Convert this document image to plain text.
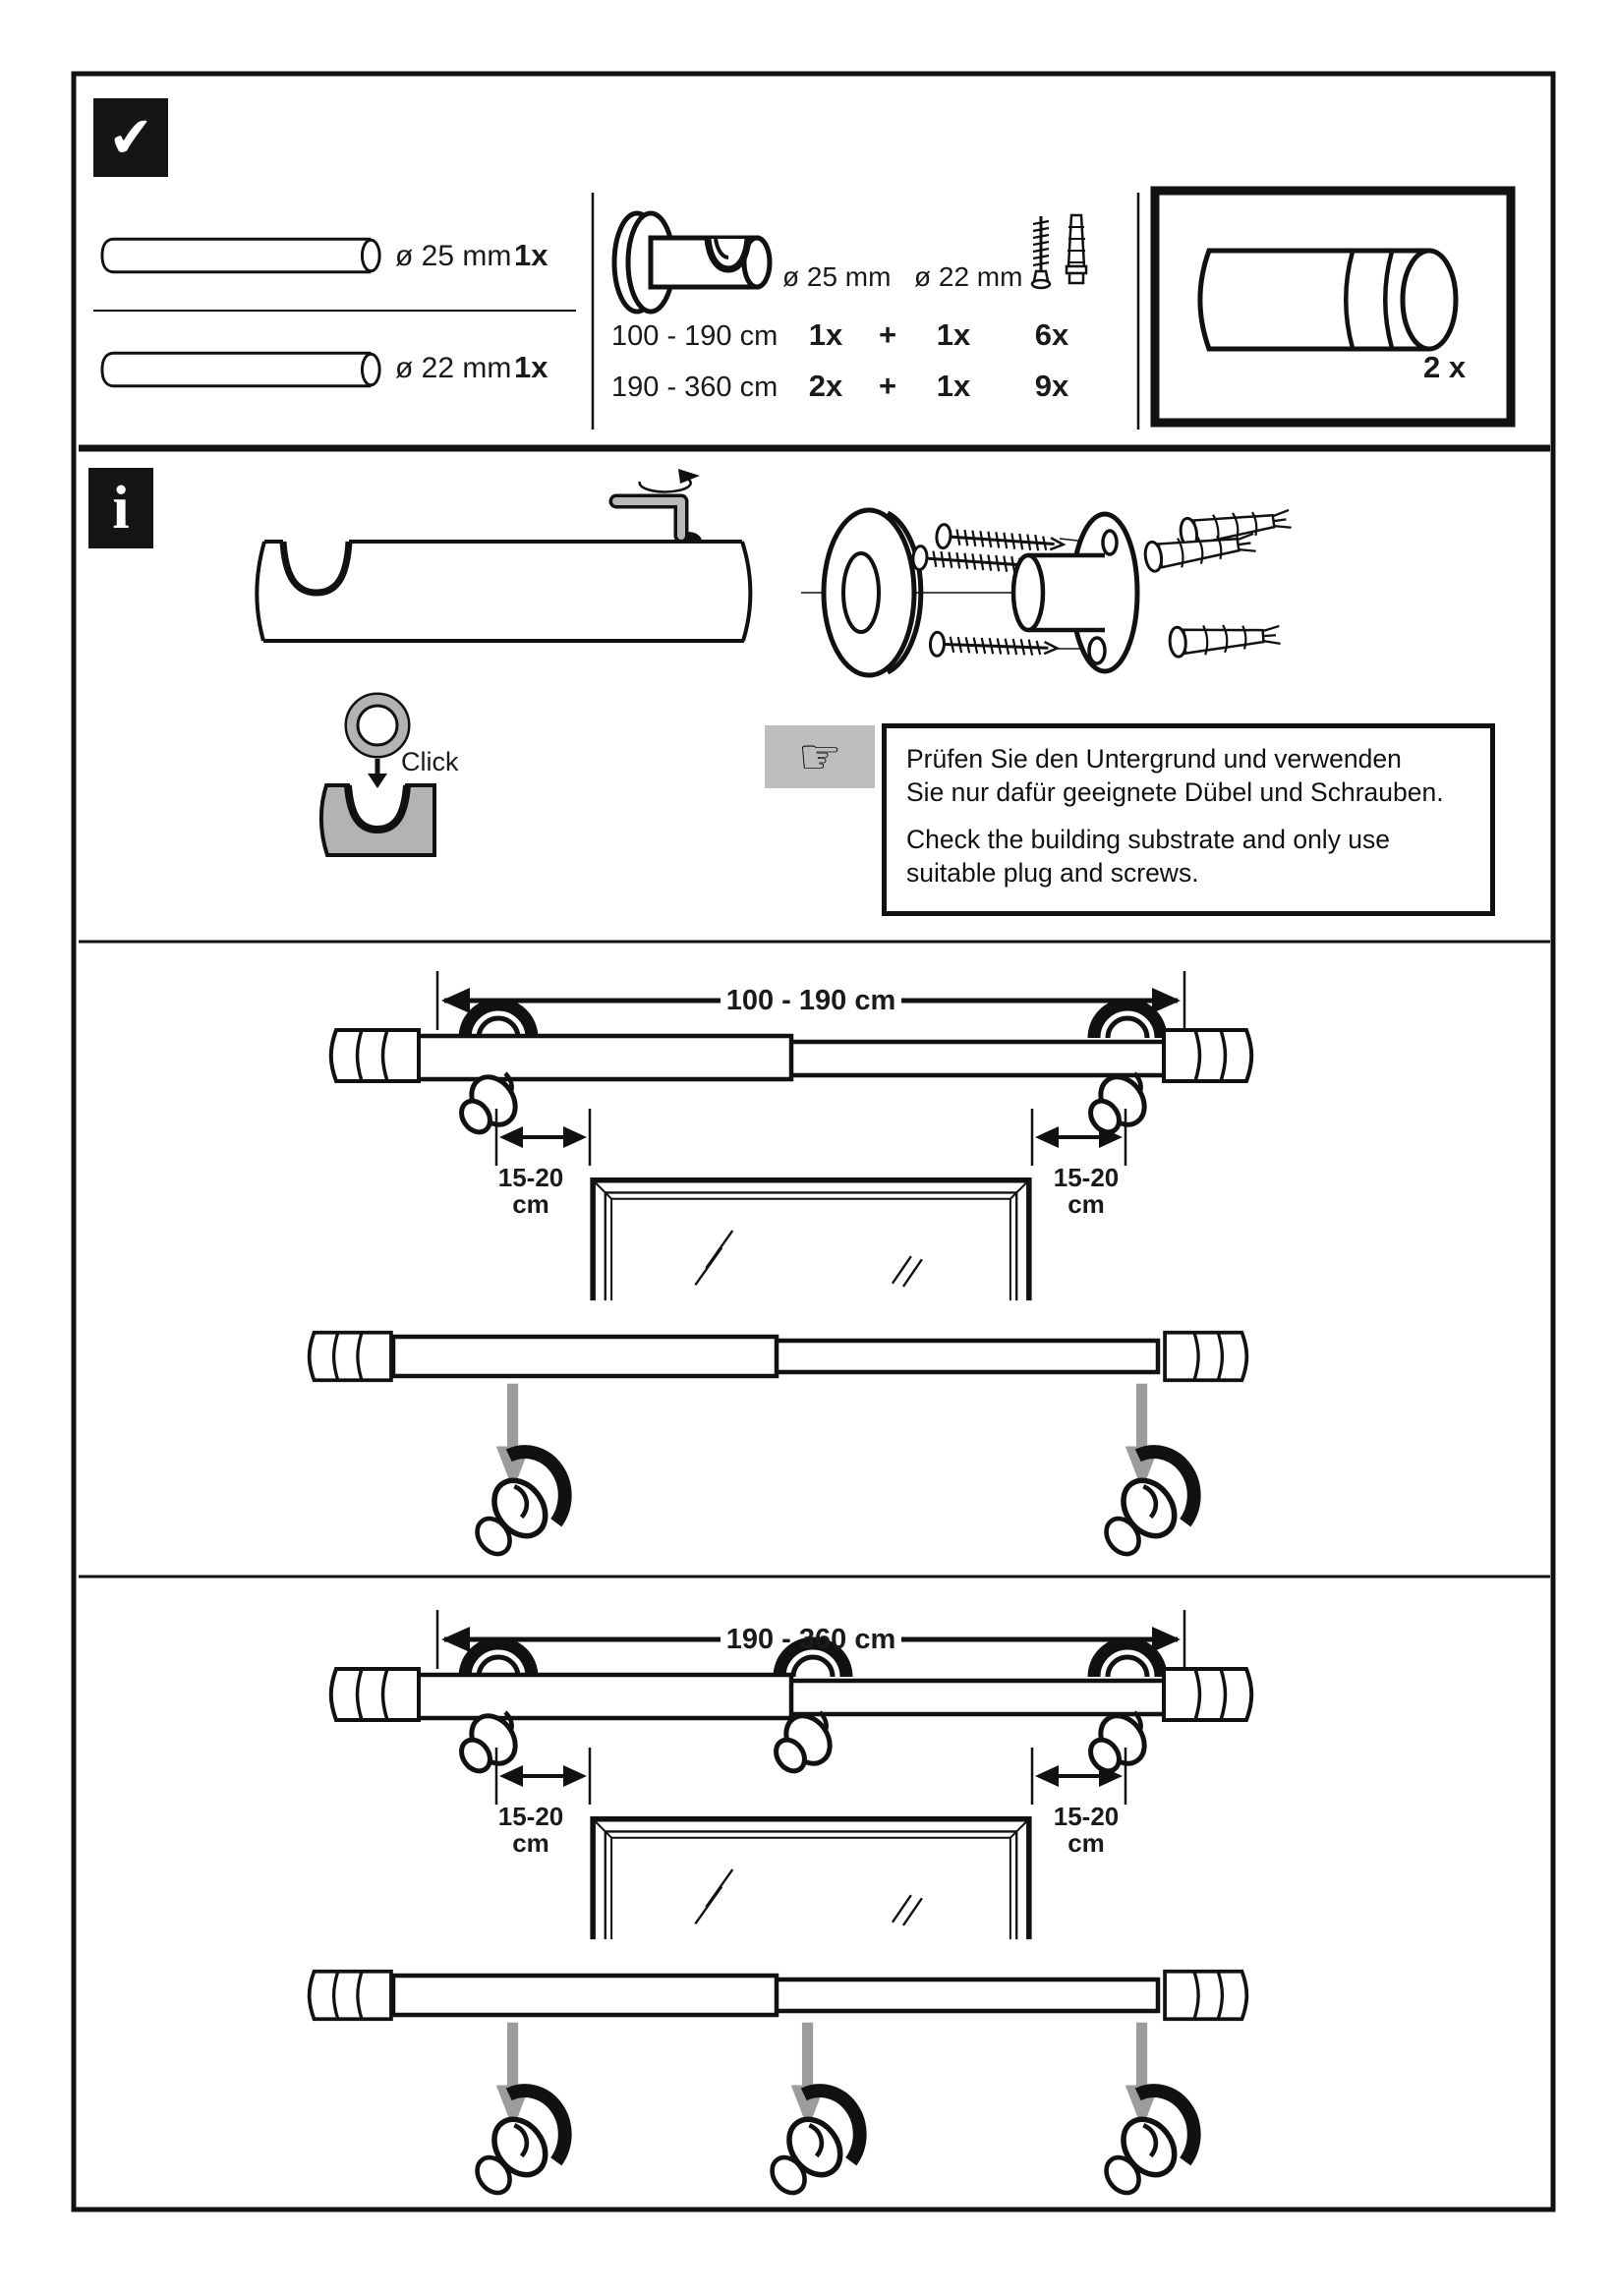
✔
ø 25 mm 1x
ø 22 mm 1x
ø 25 mm ø 22 mm
100 - 190 cm	1x	+	1x	6x
190 - 360 cm	2x	+	1x	9x
2 x
i
Click	☞ Prüfen Sie den Untergrund und verwenden
Sie nur dafür geeignete Dübel und Schrauben.
Check the building substrate and only use
suitable plug and screws.
100 - 190 cm
15-20
cm
15-20
cm
190 - 360 cm
15-20
cm
15-20
cm
